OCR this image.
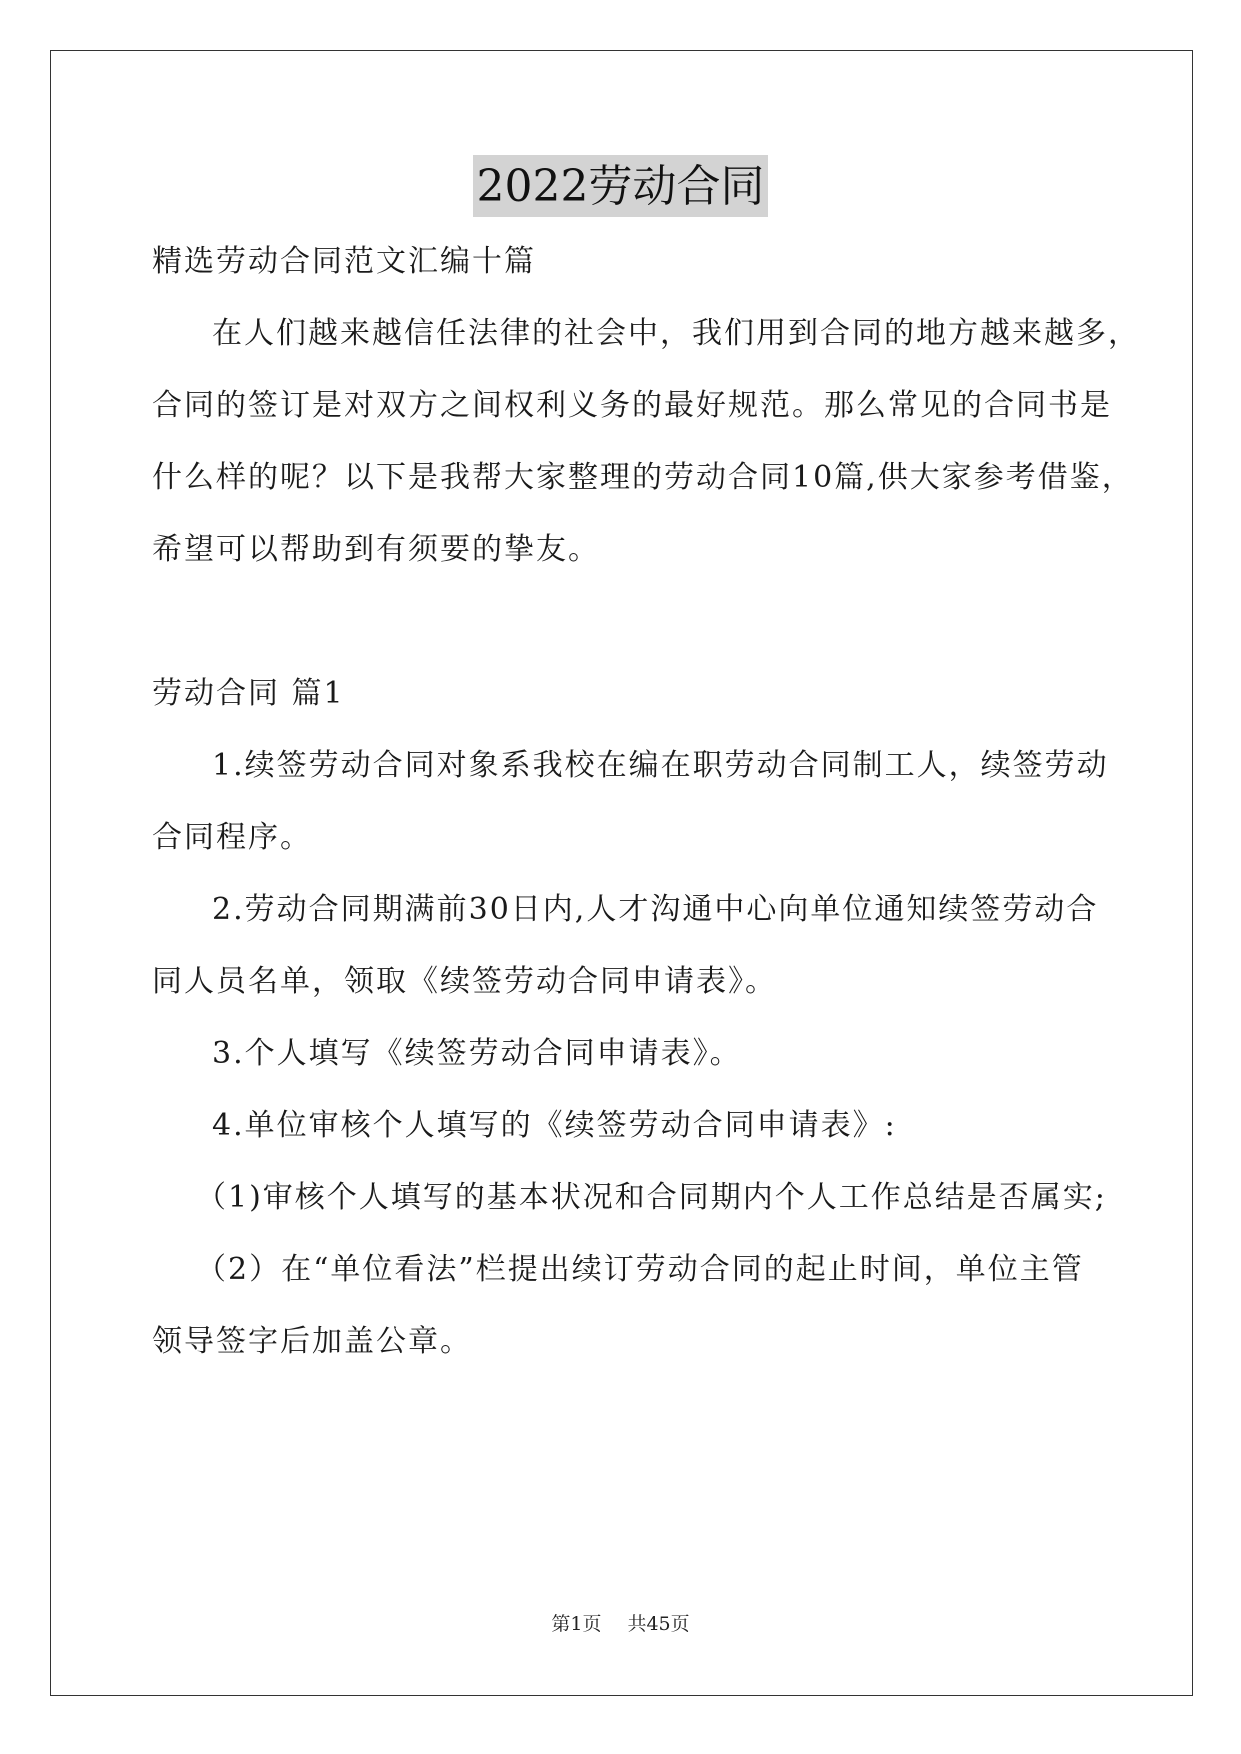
2022劳动合同
精选劳动合同范文汇编十篇
在人们越来越信任法律的社会中，我们用到合同的地方越来越多，
合同的签订是对双方之间权利义务的最好规范。那么常见的合同书是
什么样的呢？以下是我帮大家整理的劳动合同10篇,供大家参考借鉴，
希望可以帮助到有须要的挚友。
劳动合同 篇1
1.续签劳动合同对象系我校在编在职劳动合同制工人，续签劳动
合同程序。
2.劳动合同期满前30日内,人才沟通中心向单位通知续签劳动合
同人员名单，领取《续签劳动合同申请表》。
3.个人填写《续签劳动合同申请表》。
4.单位审核个人填写的《续签劳动合同申请表》:
（1)审核个人填写的基本状况和合同期内个人工作总结是否属实;
（2）在“单位看法”栏提出续订劳动合同的起止时间，单位主管
领导签字后加盖公章。
第1页 共45页
